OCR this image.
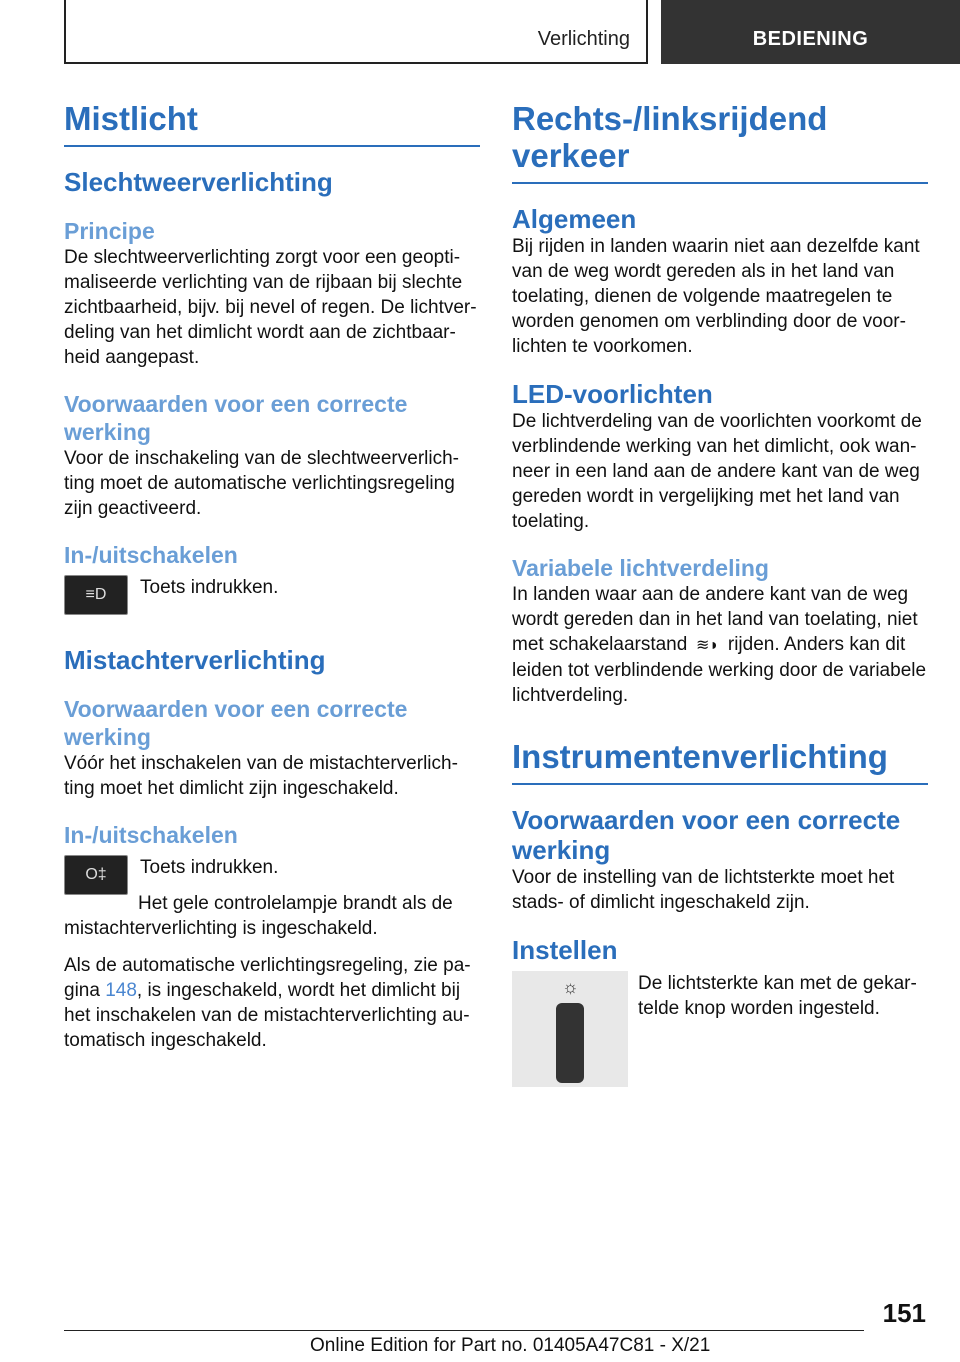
Verlichting	BEDIENING
Mistlicht
Slechtweerverlichting
Principe

De slechtweerverlichting zorgt voor een geopti-maliseerde verlichting van de rijbaan bij slechte zichtbaarheid, bijv. bij nevel of regen. De lichtver-deling van het dimlicht wordt aan de zichtbaar-heid aangepast.

Voorwaarden voor een correcte werking

Voor de inschakeling van de slechtweerverlich-ting moet de automatische verlichtingsregeling zijn geactiveerd.

In-/uitschakelen
≡D	Toets indrukken.

Mistachterverlichting
Voorwaarden voor een correcte werking

Vóór het inschakelen van de mistachterverlich-ting moet het dimlicht zijn ingeschakeld.

In-/uitschakelen
O‡	Toets indrukken.

Het gele controlelampje brandt als de mistachterverlichting is ingeschakeld.

Als de automatische verlichtingsregeling, zie pa-gina 148, is ingeschakeld, wordt het dimlicht bij het inschakelen van de mistachterverlichting au-tomatisch ingeschakeld.

Rechts-/linksrijdend verkeer
Algemeen

Bij rijden in landen waarin niet aan dezelfde kant van de weg wordt gereden als in het land van toelating, dienen de volgende maatregelen te worden genomen om verblinding door de voor-lichten te voorkomen.

LED-voorlichten

De lichtverdeling van de voorlichten voorkomt de verblindende werking van het dimlicht, ook wan-neer in een land aan de andere kant van de weg gereden wordt in vergelijking met het land van toelating.

Variabele lichtverdeling

In landen waar aan de andere kant van de weg wordt gereden dan in het land van toelating, niet met schakelaarstand ≋◗ rijden. Anders kan dit leiden tot verblindende werking door de variabele lichtverdeling.

Instrumentenverlichting
Voorwaarden voor een correcte werking

Voor de instelling van de lichtsterkte moet het stads- of dimlicht ingeschakeld zijn.

Instellen
☼	De lichtsterkte kan met de gekar-telde knop worden ingesteld.

151
Online Edition for Part no. 01405A47C81 - X/21
